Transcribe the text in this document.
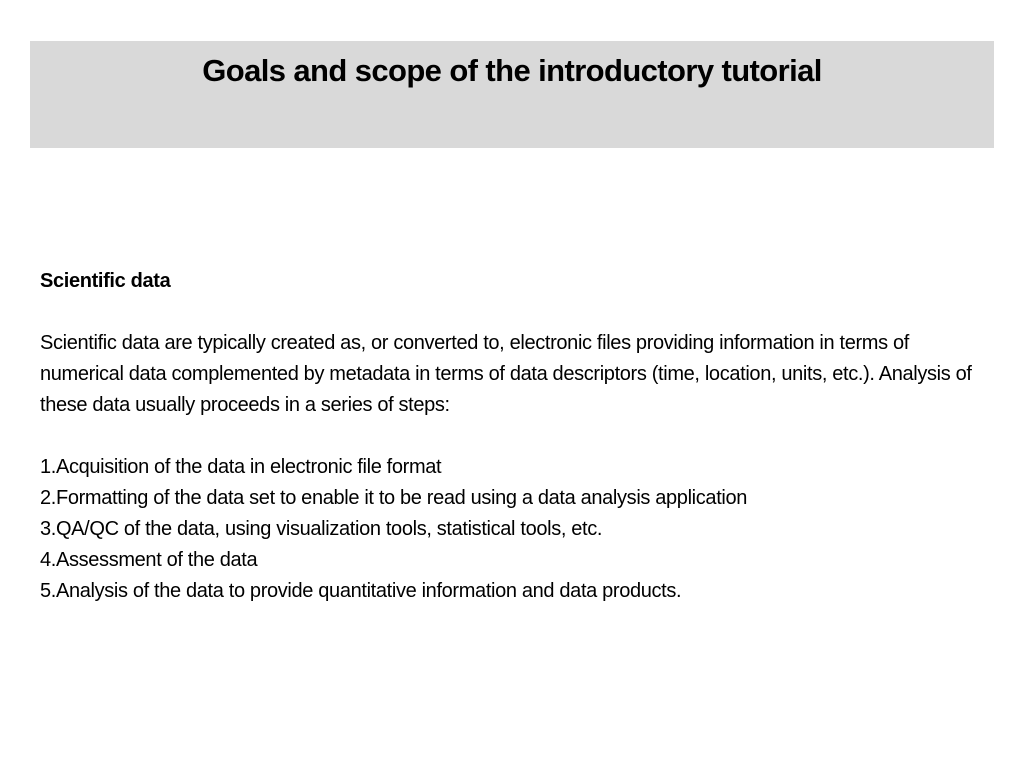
Goals and scope of the introductory tutorial

Scientific data

Scientific data are typically created as, or converted to, electronic files providing information in terms of numerical data complemented by metadata in terms of data descriptors (time, location, units, etc.). Analysis of these data usually proceeds in a series of steps:

1.Acquisition of the data in electronic file format
2.Formatting of the data set to enable it to be read using a data analysis application
3.QA/QC of the data, using visualization tools, statistical tools, etc.
4.Assessment of the data
5.Analysis of the data to provide quantitative information and data products.
